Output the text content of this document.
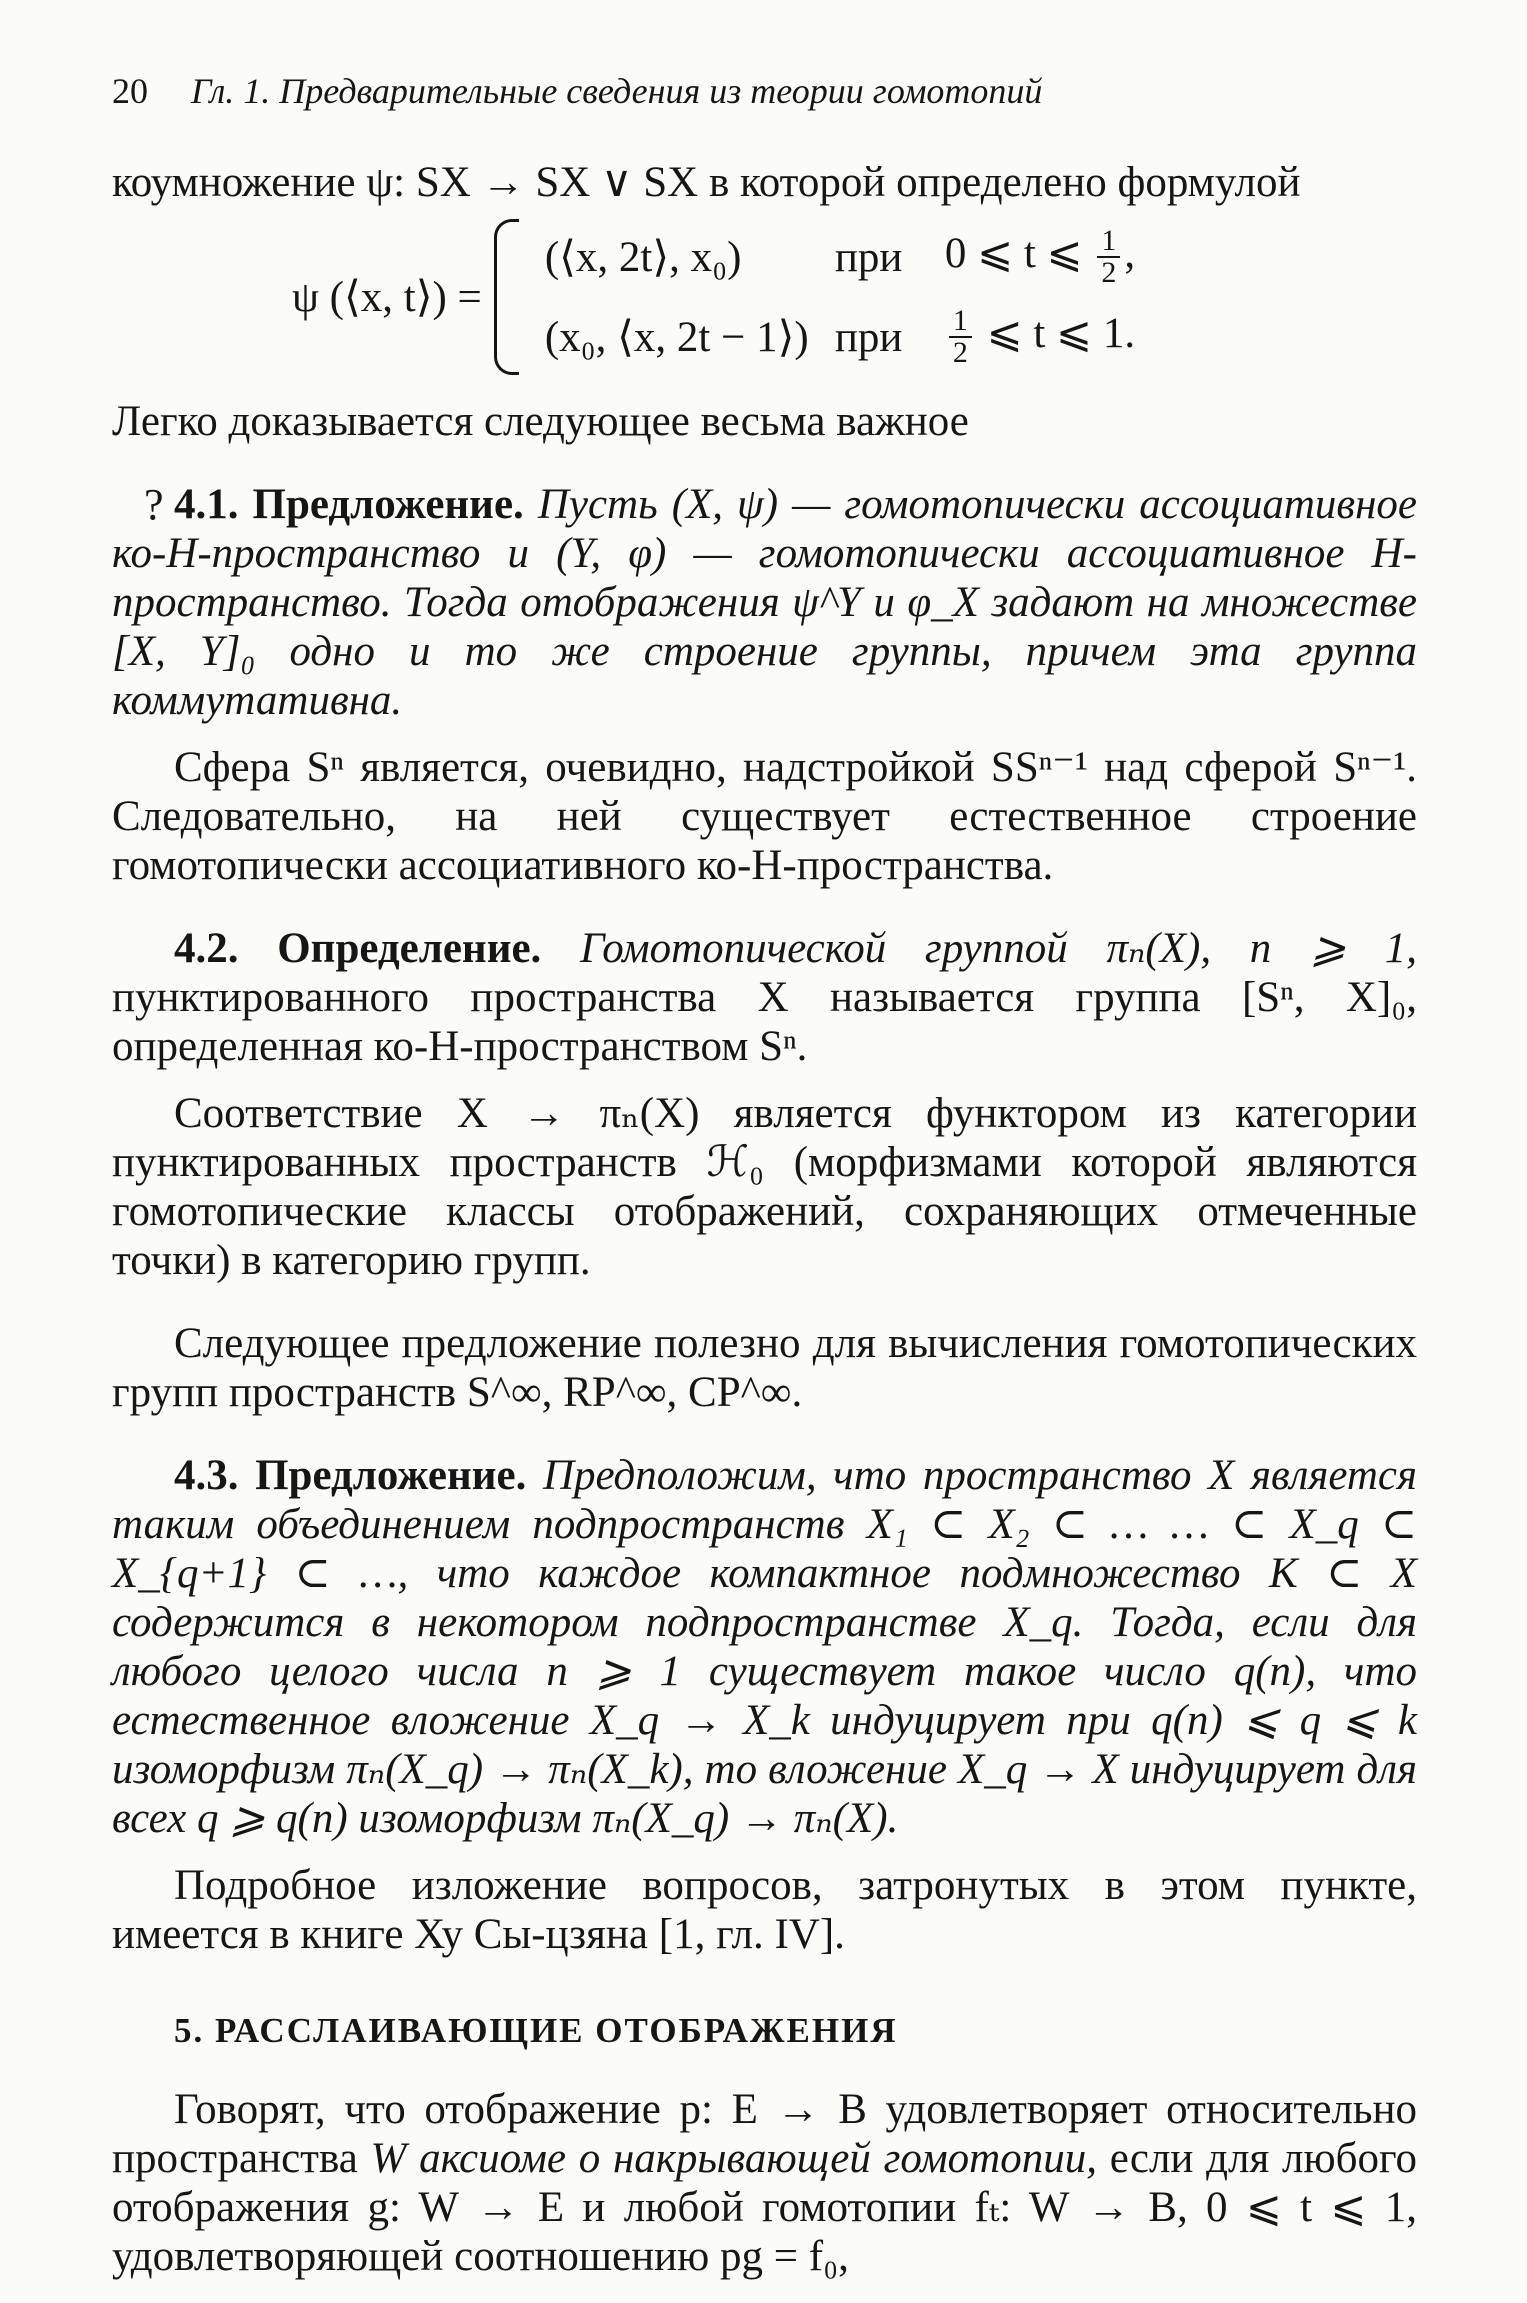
20 Гл. 1. Предварительные сведения из теории гомотопий

коумножение ψ: SX → SX ∨ SX в которой определено формулой

ψ (⟨x, t⟩) =
(⟨x, 2t⟩, x₀)	при 0 ⩽ t ⩽ $\frac{1}{2}$ ,
(x₀, ⟨x, 2t − 1⟩) при	$\frac{1}{2}$ ⩽ t ⩽ 1.

Легко доказывается следующее весьма важное

? 4.1. Предложение. Пусть (X, ψ) — гомотопически ассоциативное ко-H-пространство и (Y, φ) — гомотопически ассоциативное H-пространство. Тогда отображения ψ^Y и φ_X задают на множестве [X, Y]₀ одно и то же строение группы, причем эта группа коммутативна.

Сфера Sⁿ является, очевидно, надстройкой SSⁿ⁻¹ над сферой Sⁿ⁻¹. Следовательно, на ней существует естественное строение гомотопически ассоциативного ко-H-пространства.

4.2. Определение. Гомотопической группой πₙ(X), n ⩾ 1, пунктированного пространства X называется группа [Sⁿ, X]₀, определенная ко-H-пространством Sⁿ.

Соответствие X → πₙ(X) является функтором из категории пунктированных пространств ℋ₀ (морфизмами которой являются гомотопические классы отображений, сохраняющих отмеченные точки) в категорию групп.

Следующее предложение полезно для вычисления гомотопических групп пространств S^∞, RP^∞, CP^∞.

4.3. Предложение. Предположим, что пространство X является таким объединением подпространств X₁ ⊂ X₂ ⊂ … … ⊂ X_q ⊂ X_{q+1} ⊂ …, что каждое компактное подмножество K ⊂ X содержится в некотором подпространстве X_q. Тогда, если для любого целого числа n ⩾ 1 существует такое число q(n), что естественное вложение X_q → X_k индуцирует при q(n) ⩽ q ⩽ k изоморфизм πₙ(X_q) → πₙ(X_k), то вложение X_q → X индуцирует для всех q ⩾ q(n) изоморфизм πₙ(X_q) → πₙ(X).

Подробное изложение вопросов, затронутых в этом пункте, имеется в книге Ху Сы-цзяна [1, гл. IV].

5. РАССЛАИВАЮЩИЕ ОТОБРАЖЕНИЯ

Говорят, что отображение p: E → B удовлетворяет относительно пространства W аксиоме о накрывающей гомотопии, если для любого отображения g: W → E и любой гомотопии fₜ: W → B, 0 ⩽ t ⩽ 1, удовлетворяющей соотношению pg = f₀,
